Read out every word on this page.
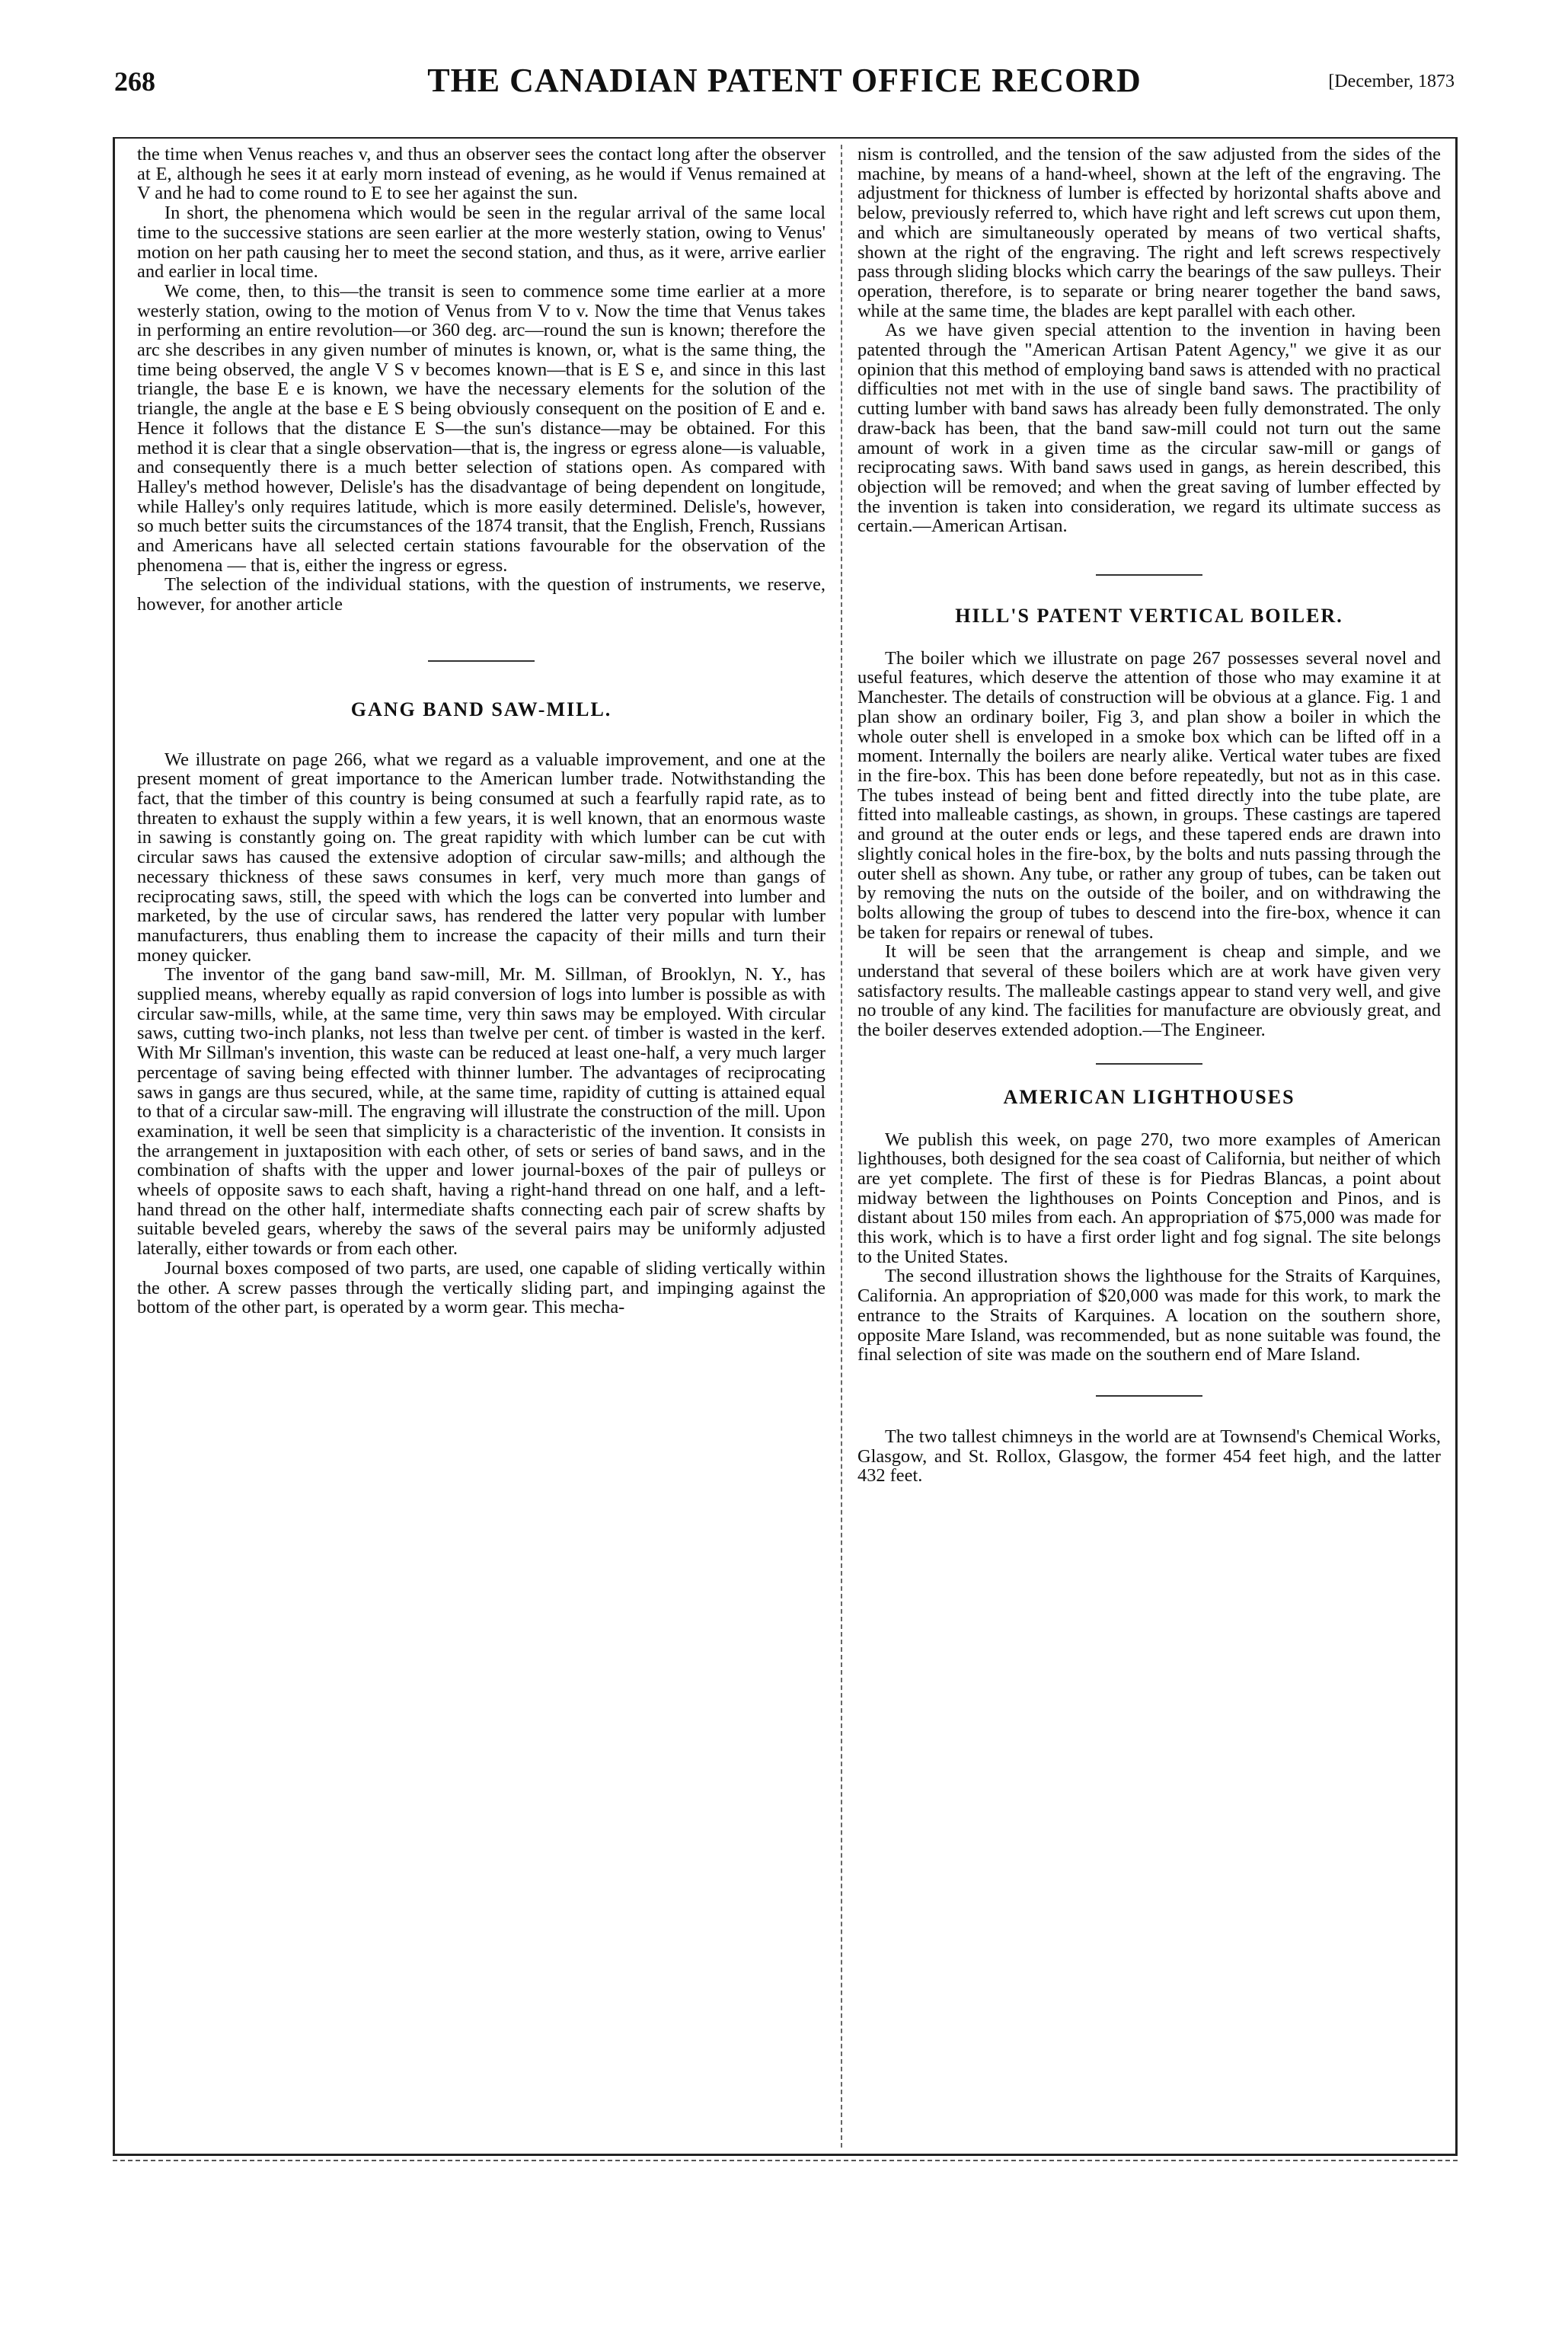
268	THE CANADIAN PATENT OFFICE RECORD	[December, 1873

the time when Venus reaches v, and thus an observer sees the contact long after the observer at E, although he sees it at early morn instead of evening, as he would if Venus remained at V and he had to come round to E to see her against the sun.

In short, the phenomena which would be seen in the regular arrival of the same local time to the successive stations are seen earlier at the more westerly station, owing to Venus' motion on her path causing her to meet the second station, and thus, as it were, arrive earlier and earlier in local time.

We come, then, to this—the transit is seen to commence some time earlier at a more westerly station, owing to the motion of Venus from V to v. Now the time that Venus takes in performing an entire revolution—or 360 deg. arc—round the sun is known; therefore the arc she describes in any given number of minutes is known, or, what is the same thing, the time being observed, the angle V S v becomes known—that is E S e, and since in this last triangle, the base E e is known, we have the necessary elements for the solution of the triangle, the angle at the base e E S being obviously consequent on the position of E and e. Hence it follows that the distance E S—the sun's distance—may be obtained. For this method it is clear that a single observation—that is, the ingress or egress alone—is valuable, and consequently there is a much better selection of stations open. As compared with Halley's method however, Delisle's has the disadvantage of being dependent on longitude, while Halley's only requires latitude, which is more easily determined. Delisle's, however, so much better suits the circumstances of the 1874 transit, that the English, French, Russians and Americans have all selected certain stations favourable for the observation of the phenomena — that is, either the ingress or egress.

The selection of the individual stations, with the question of instruments, we reserve, however, for another article

GANG BAND SAW-MILL.

We illustrate on page 266, what we regard as a valuable improvement, and one at the present moment of great importance to the American lumber trade. Notwithstanding the fact, that the timber of this country is being consumed at such a fearfully rapid rate, as to threaten to exhaust the supply within a few years, it is well known, that an enormous waste in sawing is constantly going on. The great rapidity with which lumber can be cut with circular saws has caused the extensive adoption of circular saw-mills; and although the necessary thickness of these saws consumes in kerf, very much more than gangs of reciprocating saws, still, the speed with which the logs can be converted into lumber and marketed, by the use of circular saws, has rendered the latter very popular with lumber manufacturers, thus enabling them to increase the capacity of their mills and turn their money quicker.

The inventor of the gang band saw-mill, Mr. M. Sillman, of Brooklyn, N. Y., has supplied means, whereby equally as rapid conversion of logs into lumber is possible as with circular saw-mills, while, at the same time, very thin saws may be employed. With circular saws, cutting two-inch planks, not less than twelve per cent. of timber is wasted in the kerf. With Mr Sillman's invention, this waste can be reduced at least one-half, a very much larger percentage of saving being effected with thinner lumber. The advantages of reciprocating saws in gangs are thus secured, while, at the same time, rapidity of cutting is attained equal to that of a circular saw-mill. The engraving will illustrate the construction of the mill. Upon examination, it well be seen that simplicity is a characteristic of the invention. It consists in the arrangement in juxtaposition with each other, of sets or series of band saws, and in the combination of shafts with the upper and lower journal-boxes of the pair of pulleys or wheels of opposite saws to each shaft, having a right-hand thread on one half, and a left-hand thread on the other half, intermediate shafts connecting each pair of screw shafts by suitable beveled gears, whereby the saws of the several pairs may be uniformly adjusted laterally, either towards or from each other.

Journal boxes composed of two parts, are used, one capable of sliding vertically within the other. A screw passes through the vertically sliding part, and impinging against the bottom of the other part, is operated by a worm gear. This mecha-

nism is controlled, and the tension of the saw adjusted from the sides of the machine, by means of a hand-wheel, shown at the left of the engraving. The adjustment for thickness of lumber is effected by horizontal shafts above and below, previously referred to, which have right and left screws cut upon them, and which are simultaneously operated by means of two vertical shafts, shown at the right of the engraving. The right and left screws respectively pass through sliding blocks which carry the bearings of the saw pulleys. Their operation, therefore, is to separate or bring nearer together the band saws, while at the same time, the blades are kept parallel with each other.

As we have given special attention to the invention in having been patented through the "American Artisan Patent Agency," we give it as our opinion that this method of employing band saws is attended with no practical difficulties not met with in the use of single band saws. The practibility of cutting lumber with band saws has already been fully demonstrated. The only draw-back has been, that the band saw-mill could not turn out the same amount of work in a given time as the circular saw-mill or gangs of reciprocating saws. With band saws used in gangs, as herein described, this objection will be removed; and when the great saving of lumber effected by the invention is taken into consideration, we regard its ultimate success as certain.—American Artisan.

HILL'S PATENT VERTICAL BOILER.

The boiler which we illustrate on page 267 possesses several novel and useful features, which deserve the attention of those who may examine it at Manchester. The details of construction will be obvious at a glance. Fig. 1 and plan show an ordinary boiler, Fig 3, and plan show a boiler in which the whole outer shell is enveloped in a smoke box which can be lifted off in a moment. Internally the boilers are nearly alike. Vertical water tubes are fixed in the fire-box. This has been done before repeatedly, but not as in this case. The tubes instead of being bent and fitted directly into the tube plate, are fitted into malleable castings, as shown, in groups. These castings are tapered and ground at the outer ends or legs, and these tapered ends are drawn into slightly conical holes in the fire-box, by the bolts and nuts passing through the outer shell as shown. Any tube, or rather any group of tubes, can be taken out by removing the nuts on the outside of the boiler, and on withdrawing the bolts allowing the group of tubes to descend into the fire-box, whence it can be taken for repairs or renewal of tubes.

It will be seen that the arrangement is cheap and simple, and we understand that several of these boilers which are at work have given very satisfactory results. The malleable castings appear to stand very well, and give no trouble of any kind. The facilities for manufacture are obviously great, and the boiler deserves extended adoption.—The Engineer.

AMERICAN LIGHTHOUSES

We publish this week, on page 270, two more examples of American lighthouses, both designed for the sea coast of California, but neither of which are yet complete. The first of these is for Piedras Blancas, a point about midway between the lighthouses on Points Conception and Pinos, and is distant about 150 miles from each. An appropriation of $75,000 was made for this work, which is to have a first order light and fog signal. The site belongs to the United States.

The second illustration shows the lighthouse for the Straits of Karquines, California. An appropriation of $20,000 was made for this work, to mark the entrance to the Straits of Karquines. A location on the southern shore, opposite Mare Island, was recommended, but as none suitable was found, the final selection of site was made on the southern end of Mare Island.

The two tallest chimneys in the world are at Townsend's Chemical Works, Glasgow, and St. Rollox, Glasgow, the former 454 feet high, and the latter 432 feet.
